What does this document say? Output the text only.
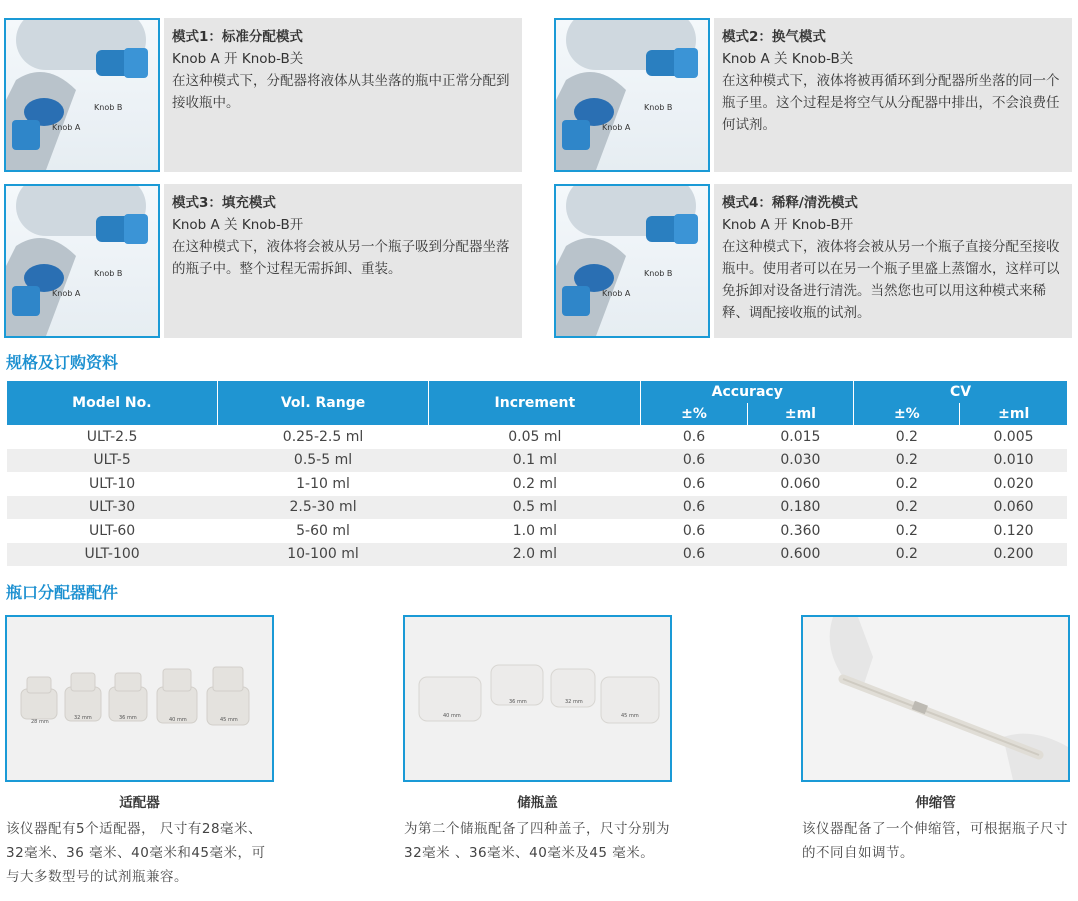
Knob B
Knob A
模式1：标准分配模式
Knob A 开 Knob-B关
在这种模式下，分配器将液体从其坐落的瓶中正常分配到接收瓶中。	Knob B
Knob A
模式2：换气模式
Knob A 关 Knob-B关
在这种模式下，液体将被再循环到分配器所坐落的同一个瓶子里。这个过程是将空气从分配器中排出，不会浪费任何试剂。
Knob B
Knob A
模式3：填充模式
Knob A 关 Knob-B开
在这种模式下，液体将会被从另一个瓶子吸到分配器坐落的瓶子中。整个过程无需拆卸、重装。	Knob B
Knob A
模式4：稀释/清洗模式
Knob A 开 Knob-B开
在这种模式下，液体将会被从另一个瓶子直接分配至接收瓶中。使用者可以在另一个瓶子里盛上蒸馏水，这样可以免拆卸对设备进行清洗。当然您也可以用这种模式来稀释、调配接收瓶的试剂。
规格及订购资料
Model No.	Vol. Range	Increment	Accuracy		CV	
			±%	±ml	±%	±ml
ULT-2.5	0.25-2.5 ml	0.05 ml	0.6	0.015	0.2	0.005
ULT-5	0.5-5 ml	0.1 ml	0.6	0.030	0.2	0.010
ULT-10	1-10 ml	0.2 ml	0.6	0.060	0.2	0.020
ULT-30	2.5-30 ml	0.5 ml	0.6	0.180	0.2	0.060
ULT-60	5-60 ml	1.0 ml	0.6	0.360	0.2	0.120
ULT-100	10-100 ml	2.0 ml	0.6	0.600	0.2	0.200
瓶口分配器配件
28 mm
32 mm	36 mm	40 mm	45 mm
适配器
该仪器配有5个适配器， 尺寸有28毫米、32毫米、36 毫米、40毫米和45毫米，可与大多数型号的试剂瓶兼容。
40 mm
36 mm	32 mm
45 mm
储瓶盖
为第二个储瓶配备了四种盖子，尺寸分别为32毫米 、36毫米、40毫米及45 毫米。
伸缩管
该仪器配备了一个伸缩管，可根据瓶子尺寸的不同自如调节。
